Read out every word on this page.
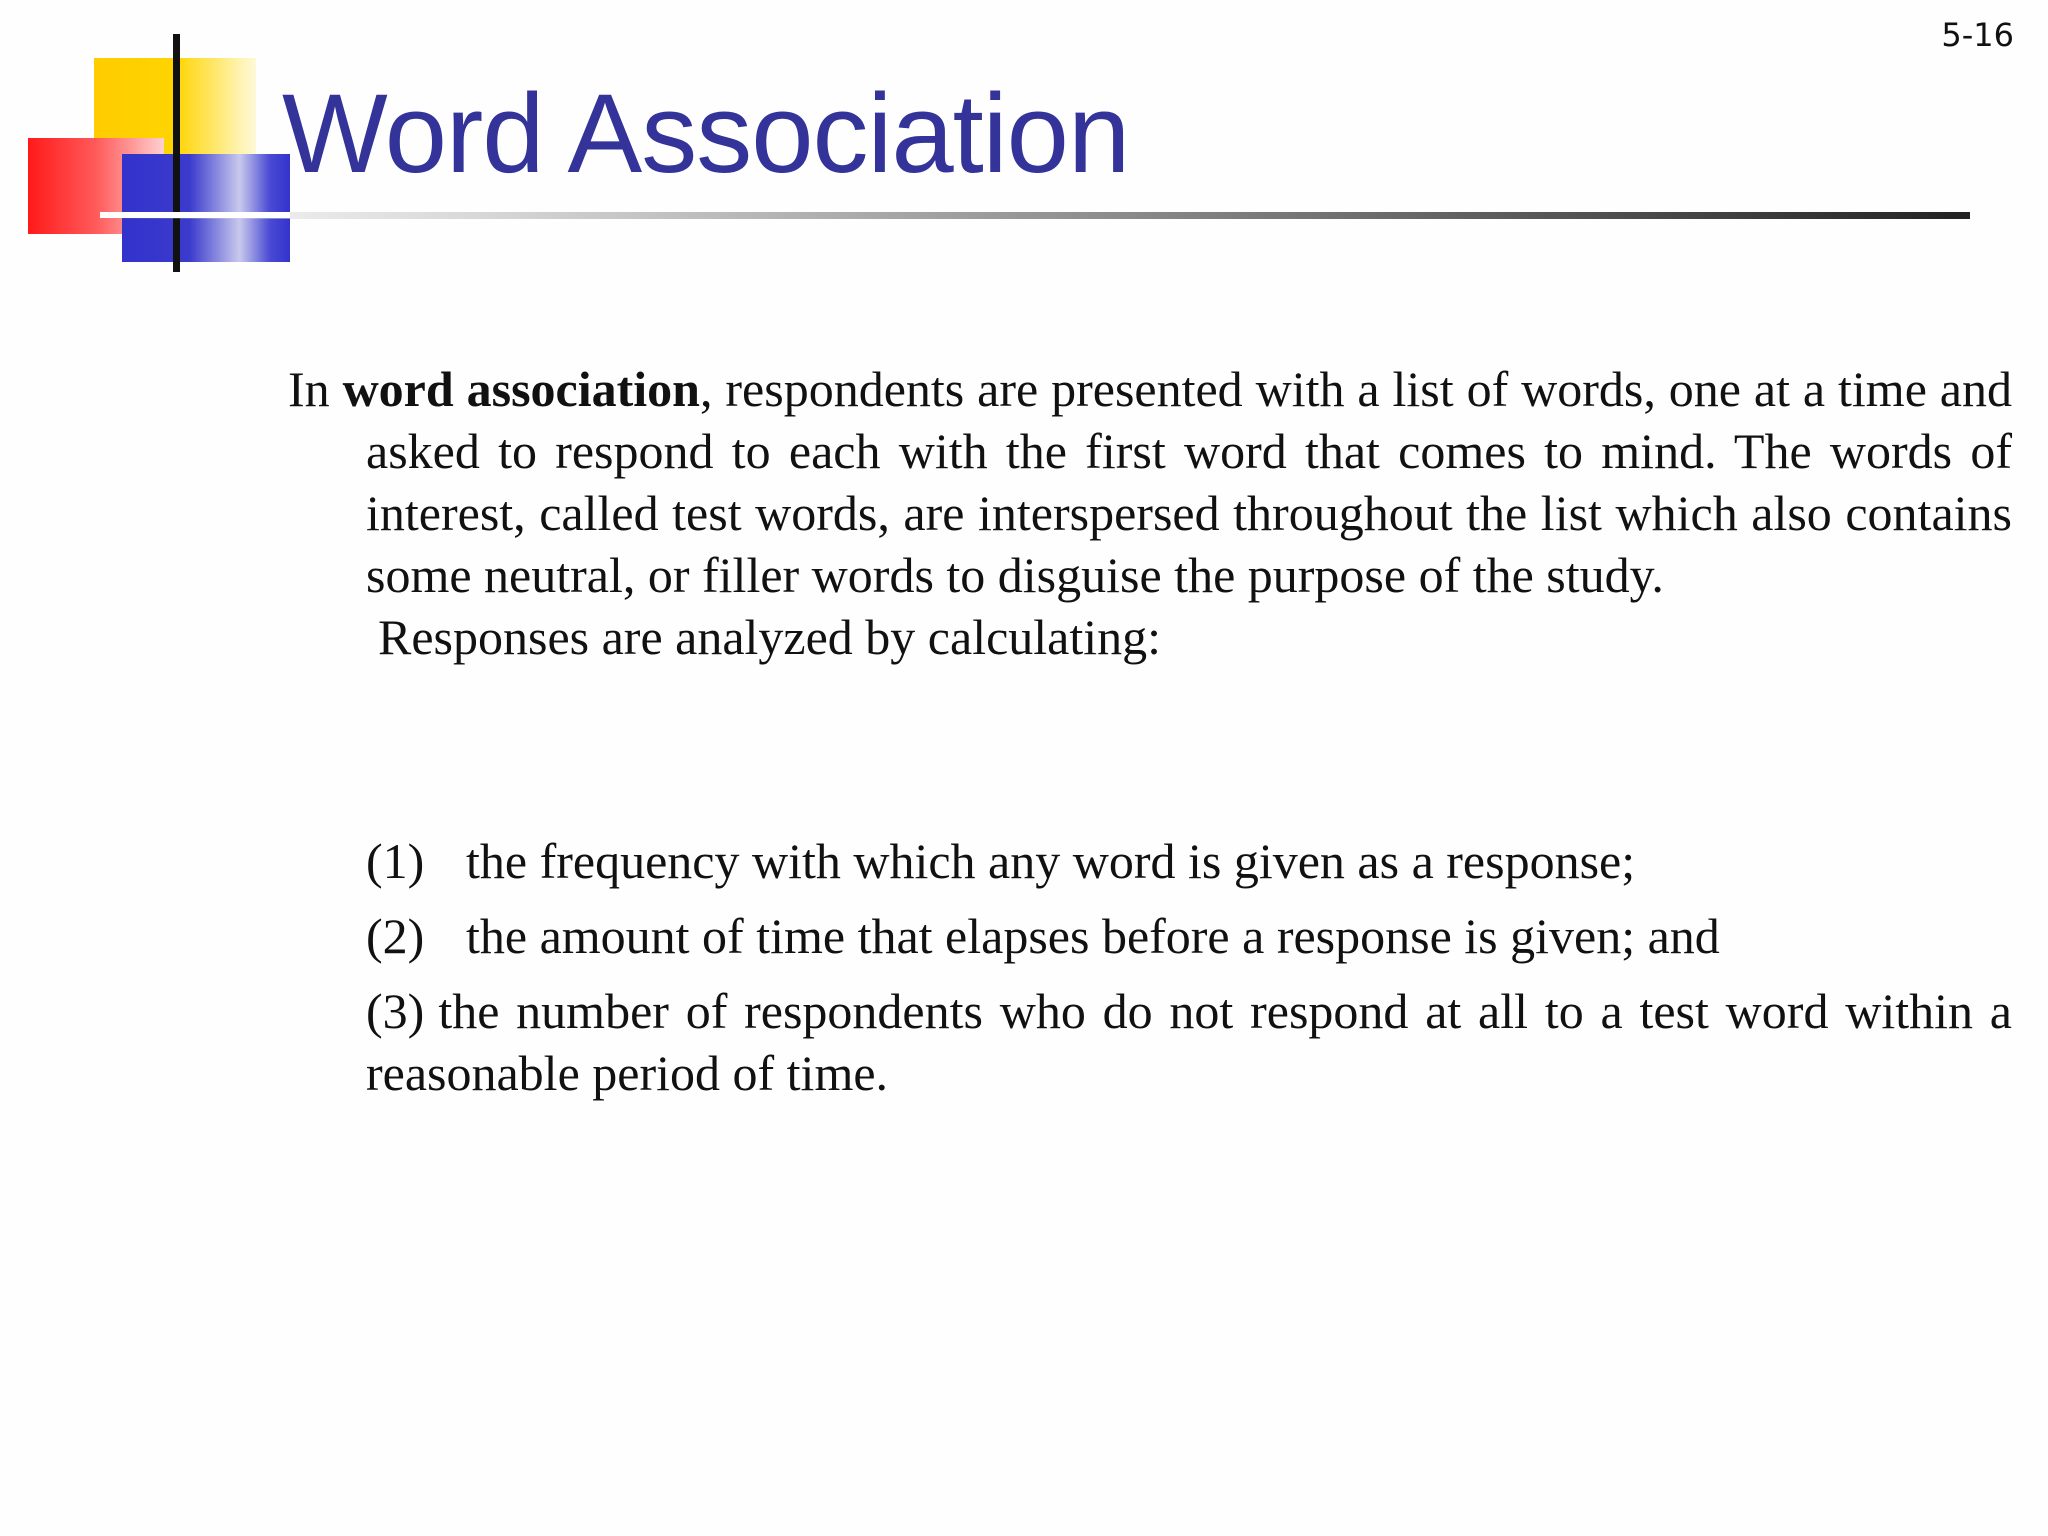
5-16
Word Association

In word association, respondents are presented with a list of words, one at a time and asked to respond to each with the first word that comes to mind. The words of interest, called test words, are interspersed throughout the list which also contains some neutral, or filler words to disguise the purpose of the study.
Responses are analyzed by calculating:

(1) the frequency with which any word is given as a response;
(2) the amount of time that elapses before a response is given; and
(3) the number of respondents who do not respond at all to a test word within a reasonable period of time.
